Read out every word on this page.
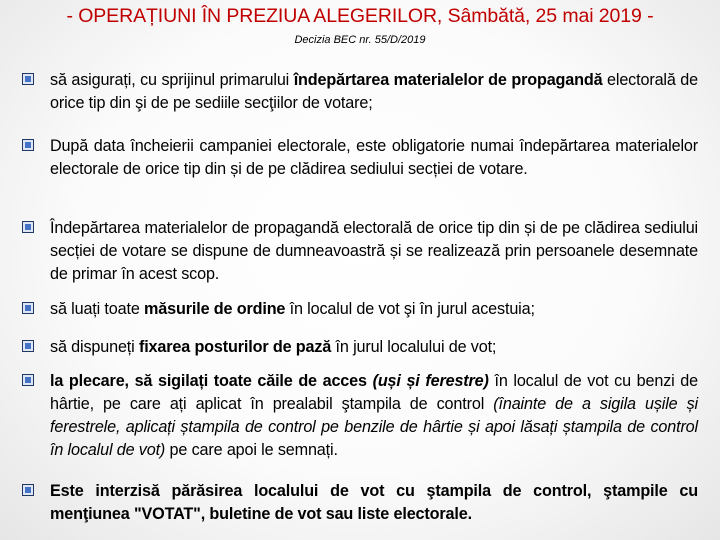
- OPERAȚIUNI ÎN PREZIUA ALEGERILOR, Sâmbătă, 25 mai 2019 -
Decizia BEC nr. 55/D/2019
să asigurați, cu sprijinul primarului îndepărtarea materialelor de propagandă electorală de orice tip din şi de pe sediile secţiilor de votare;
După data încheierii campaniei electorale, este obligatorie numai îndepărtarea materialelor electorale de orice tip din și de pe clădirea sediului secției de votare.
Îndepărtarea materialelor de propagandă electorală de orice tip din și de pe clădirea sediului secției de votare se dispune de dumneavoastră și se realizează prin persoanele desemnate de primar în acest scop.
să luați toate măsurile de ordine în localul de vot şi în jurul acestuia;
să dispuneți fixarea posturilor de pază în jurul localului de vot;
la plecare, să sigilați toate căile de acces (uși și ferestre) în localul de vot cu benzi de hârtie, pe care ați aplicat în prealabil ştampila de control (înainte de a sigila ușile și ferestrele, aplicați ștampila de control pe benzile de hârtie și apoi lăsați ștampila de control în localul de vot) pe care apoi le semnați.
Este interzisă părăsirea localului de vot cu ştampila de control, ştampile cu menţiunea "VOTAT", buletine de vot sau liste electorale.
